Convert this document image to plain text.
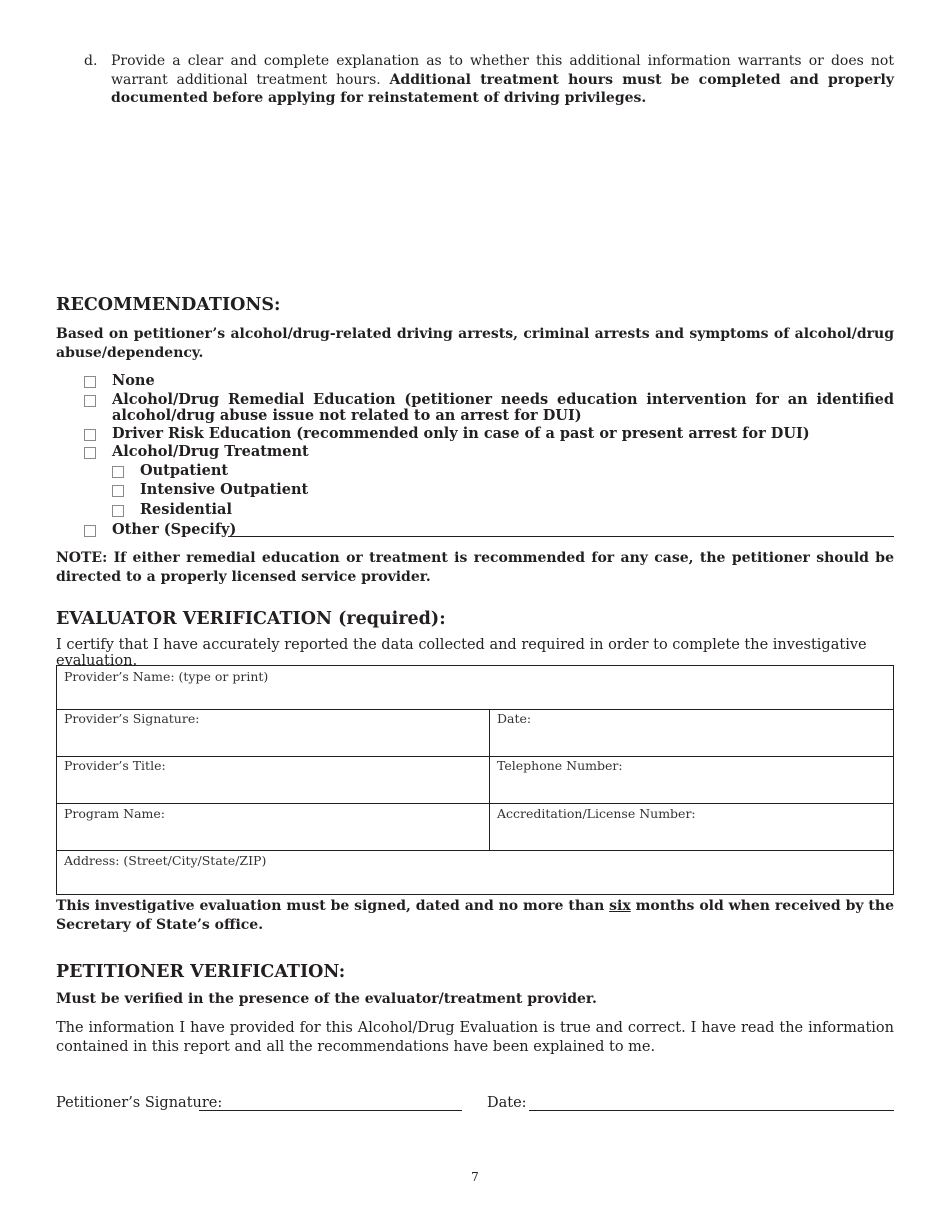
d. Provide a clear and complete explanation as to whether this additional information warrants or does not warrant additional treatment hours. Additional treatment hours must be completed and properly documented before applying for reinstatement of driving privileges.
RECOMMENDATIONS:
Based on petitioner’s alcohol/drug-related driving arrests, criminal arrests and symptoms of alcohol/drug abuse/dependency.
None
Alcohol/Drug Remedial Education (petitioner needs education intervention for an identified alcohol/drug abuse issue not related to an arrest for DUI)
Driver Risk Education (recommended only in case of a past or present arrest for DUI)
Alcohol/Drug Treatment
Outpatient
Intensive Outpatient
Residential
Other (Specify)
NOTE: If either remedial education or treatment is recommended for any case, the petitioner should be directed to a properly licensed service provider.
EVALUATOR VERIFICATION (required):
I certify that I have accurately reported the data collected and required in order to complete the investigative evaluation.
Provider’s Name: (type or print)
Provider’s Signature:	Date:
Provider’s Title:	Telephone Number:
Program Name:	Accreditation/License Number:
Address: (Street/City/State/ZIP)
This investigative evaluation must be signed, dated and no more than six months old when received by the Secretary of State’s office.
PETITIONER VERIFICATION:
Must be verified in the presence of the evaluator/treatment provider.
The information I have provided for this Alcohol/Drug Evaluation is true and correct. I have read the information contained in this report and all the recommendations have been explained to me.
Petitioner’s Signature:	Date:
7
